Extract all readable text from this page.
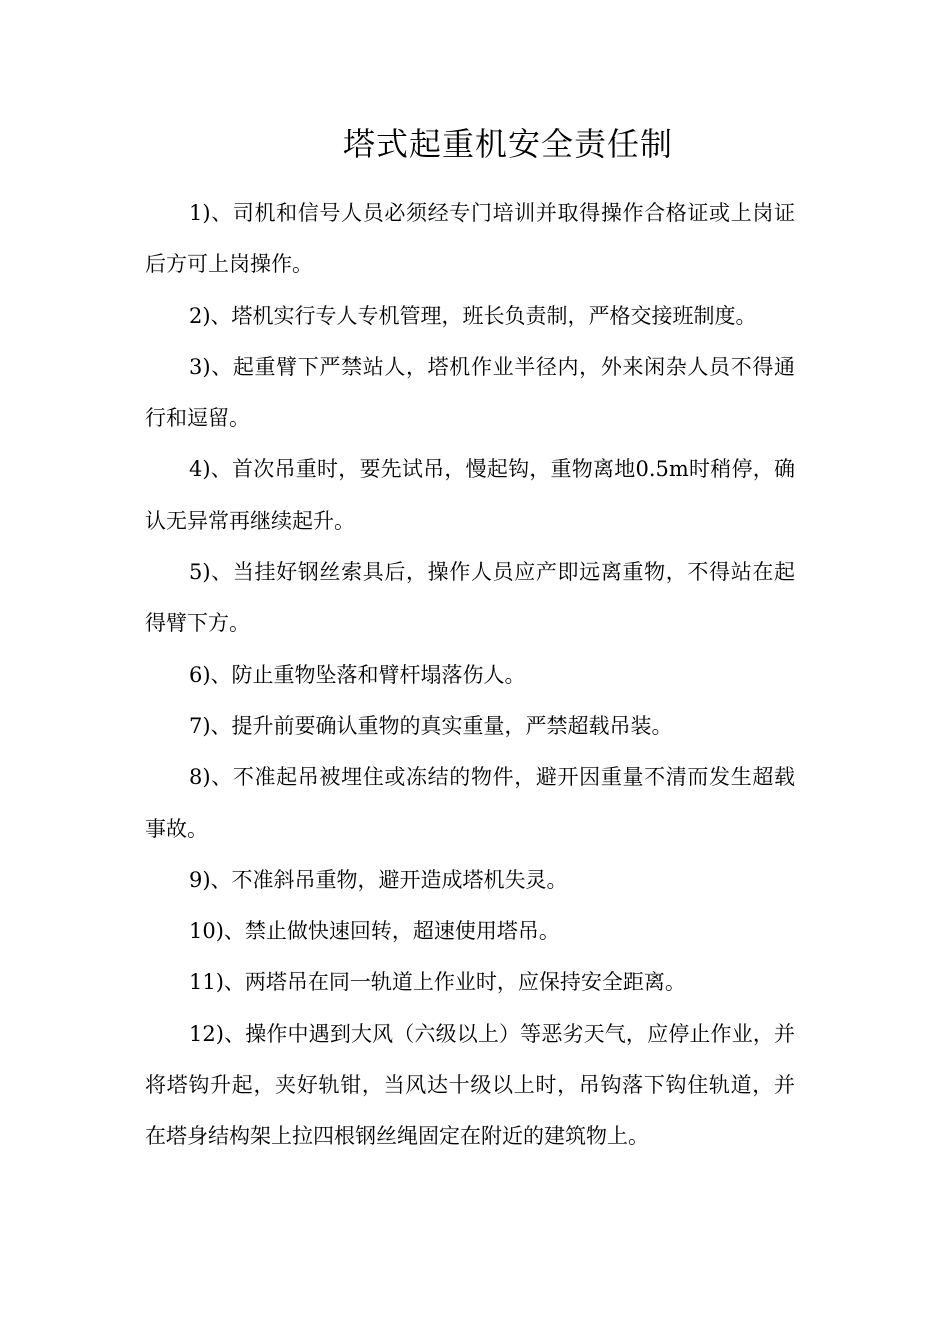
塔式起重机安全责任制

1)、司机和信号人员必须经专门培训并取得操作合格证或上岗证后方可上岗操作。

2)、塔机实行专人专机管理，班长负责制，严格交接班制度。

3)、起重臂下严禁站人，塔机作业半径内，外来闲杂人员不得通行和逗留。

4)、首次吊重时，要先试吊，慢起钩，重物离地0.5m时稍停，确认无异常再继续起升。

5)、当挂好钢丝索具后，操作人员应产即远离重物，不得站在起得臂下方。

6)、防止重物坠落和臂杆塌落伤人。

7)、提升前要确认重物的真实重量，严禁超载吊装。

8)、不准起吊被埋住或冻结的物件，避开因重量不清而发生超载事故。

9)、不准斜吊重物，避开造成塔机失灵。

10)、禁止做快速回转，超速使用塔吊。

11)、两塔吊在同一轨道上作业时，应保持安全距离。

12)、操作中遇到大风（六级以上）等恶劣天气，应停止作业，并将塔钩升起，夹好轨钳，当风达十级以上时，吊钩落下钩住轨道，并在塔身结构架上拉四根钢丝绳固定在附近的建筑物上。
